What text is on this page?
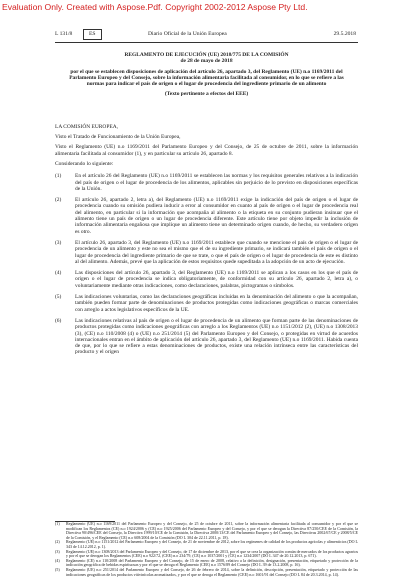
Evaluation Only. Created with Aspose.Pdf. Copyright 2002-2012 Aspose Pty Ltd.
L 131/8	ES	Diario Oficial de la Unión Europea	29.5.2018

REGLAMENTO DE EJECUCIÓN (UE) 2018/775 DE LA COMISIÓN

de 28 de mayo de 2018

por el que se establecen disposiciones de aplicación del artículo 26, apartado 3, del Reglamento (UE) n.o 1169/2011 del Parlamento Europeo y del Consejo, sobre la información alimentaria facilitada al consumidor, en lo que se refiere a las normas para indicar el país de origen o el lugar de procedencia del ingrediente primario de un alimento

(Texto pertinente a efectos del EEE)

LA COMISIÓN EUROPEA,

Visto el Tratado de Funcionamiento de la Unión Europea,

Visto el Reglamento (UE) n.o 1169/2011 del Parlamento Europeo y del Consejo, de 25 de octubre de 2011, sobre la información alimentaria facilitada al consumidor (1), y en particular su artículo 26, apartado 8.

Considerando lo siguiente:

(1)	En el artículo 26 del Reglamento (UE) n.o 1169/2011 se establecen las normas y los requisitos generales relativos a la indicación del país de origen o el lugar de procedencia de los alimentos, aplicables sin perjuicio de lo previsto en disposiciones específicas de la Unión.
(2)	El artículo 26, apartado 2, letra a), del Reglamento (UE) n.o 1169/2011 exige la indicación del país de origen o el lugar de procedencia cuando su omisión pudiera inducir a error al consumidor en cuanto al país de origen o el lugar de procedencia real del alimento, en particular si la información que acompaña al alimento o la etiqueta en su conjunto pudieran insinuar que el alimento tiene un país de origen o un lugar de procedencia diferente. Este artículo tiene por objeto impedir la inclusión de información alimentaria engañosa que implique un alimento tiene un determinado origen cuando, de hecho, su verdadero origen es otro.
(3)	El artículo 26, apartado 3, del Reglamento (UE) n.o 1169/2011 establece que cuando se mencione el país de origen o el lugar de procedencia de un alimento y este no sea el mismo que el de su ingrediente primario, se indicará también el país de origen o el lugar de procedencia del ingrediente primario de que se trate, o que el país de origen o el lugar de procedencia de este es distinto al del alimento. Además, prevé que la aplicación de estos requisitos quede supeditada a la adopción de un acto de ejecución.
(4)	Las disposiciones del artículo 26, apartado 3, del Reglamento (UE) n.o 1169/2011 se aplican a los casos en los que el país de origen o el lugar de procedencia se indica obligatoriamente, de conformidad con su artículo 26, apartado 2, letra a), o voluntariamente mediante otras indicaciones, como declaraciones, palabras, pictogramas o símbolos.
(5)	Las indicaciones voluntarias, como las declaraciones geográficas incluidas en la denominación del alimento o que la acompañan, también pueden formar parte de denominaciones de productos protegidas como indicaciones geográficas o marcas comerciales con arreglo a actos legislativos específicos de la UE.
(6)	Las indicaciones relativas al país de origen o el lugar de procedencia de un alimento que forman parte de las denominaciones de productos protegidas como indicaciones geográficas con arreglo a los Reglamentos (UE) n.o 1151/2012 (2), (UE) n.o 1308/2013 (3), (CE) n.o 110/2008 (4) o (UE) n.o 251/2014 (5) del Parlamento Europeo y del Consejo, o protegidas en virtud de acuerdos internacionales entran en el ámbito de aplicación del artículo 26, apartado 3, del Reglamento (UE) n.o 1169/2011. Habida cuenta de que, por lo que se refiere a estas denominaciones de productos, existe una relación intrínseca entre las características del producto y el origen
(1)	Reglamento (UE) n.o 1169/2011 del Parlamento Europeo y del Consejo, de 25 de octubre de 2011, sobre la información alimentaria facilitada al consumidor y por el que se modifican los Reglamentos (CE) n.o 1924/2006 y (CE) n.o 1925/2006 del Parlamento Europeo y del Consejo, y por el que se derogan la Directiva 87/250/CEE de la Comisión, la Directiva 90/496/CEE del Consejo, la Directiva 1999/10/CE de la Comisión, la Directiva 2000/13/CE del Parlamento Europeo y del Consejo, las Directivas 2002/67/CE y 2008/5/CE de la Comisión, y el Reglamento (CE) n.o 608/2004 de la Comisión (DO L 304 de 22.11.2011, p. 18).
(2)	Reglamento (UE) n.o 1151/2012 del Parlamento Europeo y del Consejo, de 21 de noviembre de 2012, sobre los regímenes de calidad de los productos agrícolas y alimenticios (DO L 343 de 14.12.2012, p. 1).
(3)	Reglamento (UE) n.o 1308/2013 del Parlamento Europeo y del Consejo, de 17 de diciembre de 2013, por el que se crea la organización común de mercados de los productos agrarios y por el que se derogan los Reglamentos (CEE) n.o 922/72, (CEE) n.o 234/79, (CE) n.o 1037/2001 y (CE) n.o 1234/2007 (DO L 347 de 20.12.2013, p. 671).
(4)	Reglamento (CE) n.o 110/2008 del Parlamento Europeo y del Consejo, de 15 de enero de 2008, relativo a la definición, designación, presentación, etiquetado y protección de la indicación geográfica de bebidas espirituosas y por el que se deroga el Reglamento (CEE) n.o 1576/89 del Consejo (DO L 39 de 13.2.2008, p. 16).
(5)	Reglamento (UE) n.o 251/2014 del Parlamento Europeo y del Consejo, de 26 de febrero de 2014, sobre la definición, descripción, presentación, etiquetado y protección de las indicaciones geográficas de los productos vitivinícolas aromatizados, y por el que se deroga el Reglamento (CEE) n.o 1601/91 del Consejo (DO L 84 de 20.3.2014, p. 14).
